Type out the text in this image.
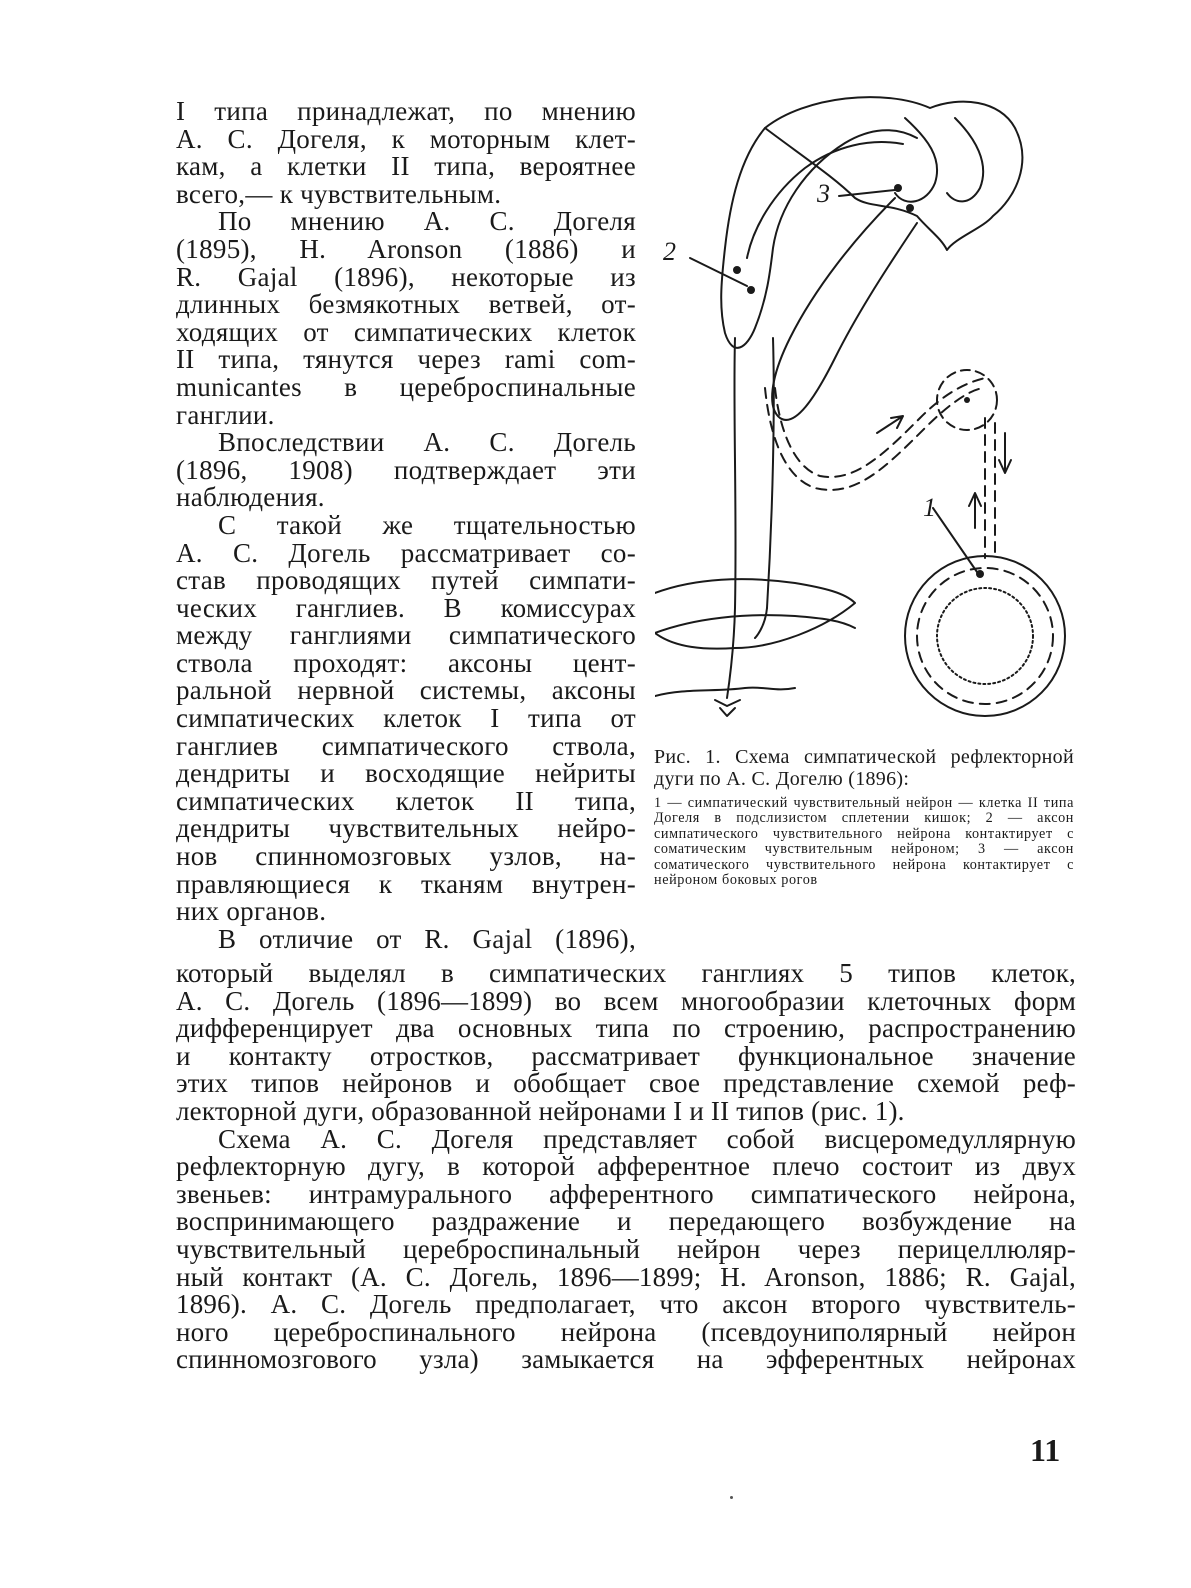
I типа принадлежат, по мнению
А. С. Догеля, к моторным клет-
кам, а клетки II типа, вероятнее
всего,— к чувствительным.

По мнению А. С. Догеля
(1895), H. Aronson (1886) и
R. Gajal (1896), некоторые из
длинных безмякотных ветвей, от-
ходящих от симпатических клеток
II типа, тянутся через rami com-
municantes в цереброспинальные
ганглии.

Впоследствии А. С. Догель
(1896, 1908) подтверждает эти
наблюдения.

С такой же тщательностью
А. С. Догель рассматривает со-
став проводящих путей симпати-
ческих ганглиев. В комиссурах
между ганглиями симпатического
ствола проходят: аксоны цент-
ральной нервной системы, аксоны
симпатических клеток I типа от
ганглиев симпатического ствола,
дендриты и восходящие нейриты
симпатических клеток II типа,
дендриты чувствительных нейро-
нов спинномозговых узлов, на-
правляющиеся к тканям внутрен-
них органов.

В отличие от R. Gajal (1896),

1
2
3

Рис. 1. Схема симпатической рефлекторной дуги по А. С. Догелю (1896):

1 — симпатический чувствительный нейрон — клетка II типа Догеля в подслизистом сплетении кишок; 2 — аксон симпатического чувствительного нейрона контактирует с соматическим чувствительным нейроном; 3 — аксон соматического чувствительного нейрона контактирует с нейроном боковых рогов

который выделял в симпатических ганглиях 5 типов клеток,
А. С. Догель (1896—1899) во всем многообразии клеточных форм
дифференцирует два основных типа по строению, распространению
и контакту отростков, рассматривает функциональное значение
этих типов нейронов и обобщает свое представление схемой реф-
лекторной дуги, образованной нейронами I и II типов (рис. 1).

Схема А. С. Догеля представляет собой висцеромедуллярную
рефлекторную дугу, в которой афферентное плечо состоит из двух
звеньев: интрамурального афферентного симпатического нейрона,
воспринимающего раздражение и передающего возбуждение на
чувствительный цереброспинальный нейрон через перицеллюляр-
ный контакт (А. С. Догель, 1896—1899; H. Aronson, 1886; R. Gajal,
1896). А. С. Догель предполагает, что аксон второго чувствитель-
ного цереброспинального нейрона (псевдоуниполярный нейрон
спинномозгового узла) замыкается на эфферентных нейронах

11
